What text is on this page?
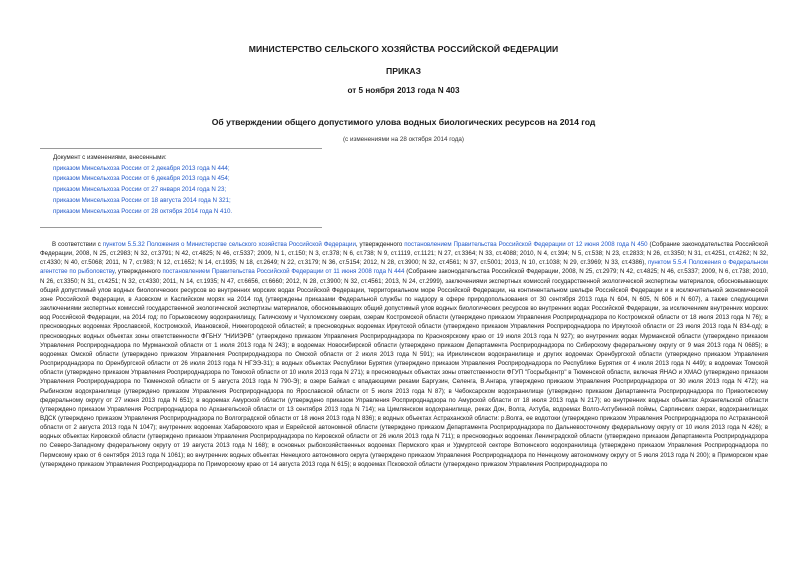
МИНИСТЕРСТВО СЕЛЬСКОГО ХОЗЯЙСТВА РОССИЙСКОЙ ФЕДЕРАЦИИ
ПРИКАЗ
от 5 ноября 2013 года N 403
Об утверждении общего допустимого улова водных биологических ресурсов на 2014 год
(с изменениями на 28 октября 2014 года)
Документ с изменениями, внесенными:
приказом Минсельхоза России от 2 декабря 2013 года N 444;
приказом Минсельхоза России от 6 декабря 2013 года N 454;
приказом Минсельхоза России от 27 января 2014 года N 23;
приказом Минсельхоза России от 18 августа 2014 года N 321;
приказом Минсельхоза России от 28 октября 2014 года N 410.
В соответствии с пунктом 5.5.32 Положения о Министерстве сельского хозяйства Российской Федерации, утвержденного постановлением Правительства Российской Федерации от 12 июня 2008 года N 450 (Собрание законодательства Российской Федерации, 2008, N 25, ст.2983; N 32, ст.3791; N 42, ст.4825; N 46, ст.5337; 2009, N 1, ст.150; N 3, ст.378; N 6, ст.738; N 9, ст.1119, ст.1121; N 27, ст.3364; N 33, ст.4088; 2010, N 4, ст.394; N 5, ст.538; N 23, ст.2833; N 26, ст.3350; N 31, ст.4251, ст.4262; N 32, ст.4330; N 40, ст.5068; 2011, N 7, ст.983; N 12, ст.1652; N 14, ст.1935; N 18, ст.2649; N 22, ст.3179; N 36, ст.5154; 2012, N 28, ст.3900; N 32, ст.4561; N 37, ст.5001; 2013, N 10, ст.1038; N 29, ст.3969; N 33, ст.4386), пунктом 5.5.4 Положения о Федеральном агентстве по рыболовству, утвержденного постановлением Правительства Российской Федерации от 11 июня 2008 года N 444 (Собрание законодательства Российской Федерации, 2008, N 25, ст.2979; N 42, ст.4825; N 46, ст.5337; 2009, N 6, ст.738; 2010, N 26, ст.3350; N 31, ст.4251; N 32, ст.4330; 2011, N 14, ст.1935; N 47, ст.6656, ст.6660; 2012, N 28, ст.3900; N 32, ст.4561; 2013, N 24, ст.2999), заключениями экспертных комиссий государственной экологической экспертизы материалов, обосновывающих общий допустимый улов водных биологических ресурсов во внутренних морских водах Российской Федерации, территориальном море Российской Федерации, на континентальном шельфе Российской Федерации и в исключительной экономической зоне Российской Федерации, в Азовском и Каспийском морях на 2014 год (утверждены приказами Федеральной службы по надзору в сфере природопользования от 30 сентября 2013 года N 604, N 605, N 606 и N 607), а также следующими заключениями экспертных комиссий государственной экологической экспертизы материалов, обосновывающих общий допустимый улов водных биологических ресурсов во внутренних водах Российской Федерации, за исключением внутренних морских вод Российской Федерации, на 2014 год: по Горьковскому водохранилищу, Галичскому и Чухломскому озерам, озерам Костромской области (утверждено приказом Управления Росприроднадзора по Костромской области от 18 июля 2013 года N 76); в пресноводных водоемах Ярославской, Костромской, Ивановской, Нижегородской областей; в пресноводных водоемах Иркутской области (утверждено приказом Управления Росприроднадзора по Иркутской области от 23 июля 2013 года N 834-од); в пресноводных водных объектах зоны ответственности ФГБНУ "НИИЭРВ" (утверждено приказом Управления Росприроднадзора по Красноярскому краю от 19 июля 2013 года N 927); во внутренних водах Мурманской области (утверждено приказом Управления Росприроднадзора по Мурманской области от 1 июля 2013 года N 243); в водоемах Новосибирской области (утверждено приказом Департамента Росприроднадзора по Сибирскому федеральному округу от 9 мая 2013 года N 0685); в водоемах Омской области (утверждено приказом Управления Росприроднадзора по Омской области от 2 июля 2013 года N 591); на Ириклинском водохранилище и других водоемах Оренбургской области (утверждено приказом Управления Росприроднадзора по Оренбургской области от 26 июля 2013 года N НГЭЭ-31); в водных объектах Республики Бурятия (утверждено приказом Управления Росприроднадзора по Республике Бурятия от 4 июля 2013 года N 449); в водоемах Томской области (утверждено приказом Управления Росприроднадзора по Томской области от 10 июля 2013 года N 271); в пресноводных объектах зоны ответственности ФГУП "Госрыбцентр" в Тюменской области, включая ЯНАО и ХМАО (утверждено приказом Управления Росприроднадзора по Тюменской области от 5 августа 2013 года N 790-Э); в озере Байкал с впадающими реками Баргузин, Селенга, В.Ангара, утверждено приказом Управления Росприроднадзора от 30 июля 2013 года N 472); на Рыбинском водохранилище (утверждено приказом Управления Росприроднадзора по Ярославской области от 5 июля 2013 года N 87); в Чебоксарском водохранилище (утверждено приказом Департамента Росприроднадзора по Приволжскому федеральному округу от 27 июня 2013 года N 651); в водоемах Амурской области (утверждено приказом Управления Росприроднадзора по Амурской области от 18 июля 2013 года N 217); во внутренних водных объектах Архангельской области (утверждено приказом Управления Росприроднадзора по Архангельской области от 13 сентября 2013 года N 714); на Цимлянском водохранилище, реках Дон, Волга, Ахтуба, водоемах Волго-Ахтубинной поймы, Сарпинских озерах, водохранилищах ВДСК (утверждено приказом Управления Росприроднадзора по Волгоградской области от 18 июня 2013 года N 836); в водных объектах Астраханской области: р.Волга, ее водотоки (утверждено приказом Управления Росприроднадзора по Астраханской области от 2 августа 2013 года N 1047); внутренних водоемах Хабаровского края и Еврейской автономной области (утверждено приказом Департамента Росприроднадзора по Дальневосточному федеральному округу от 10 июля 2013 года N 426); в водных объектах Кировской области (утверждено приказом Управления Росприроднадзора по Кировской области от 26 июля 2013 года N 711); в пресноводных водоемах Ленинградской области (утверждено приказом Департамента Росприроднадзора по Северо-Западному федеральному округу от 19 августа 2013 года N 168); в основных рыбохозяйственных водоемах Пермского края и Удмуртской секторе Воткинского водохранилища (утверждено приказом Управления Росприроднадзора по Пермскому краю от 6 сентября 2013 года N 1061); во внутренних водных объектах Ненецкого автономного округа (утверждено приказом Управления Росприроднадзора по Ненецкому автономному округу от 5 июля 2013 года N 200); в Приморском крае (утверждено приказом Управления Росприроднадзора по Приморскому краю от 14 августа 2013 года N 615); в водоемах Псковской области (утверждено приказом Управления Росприроднадзора по
